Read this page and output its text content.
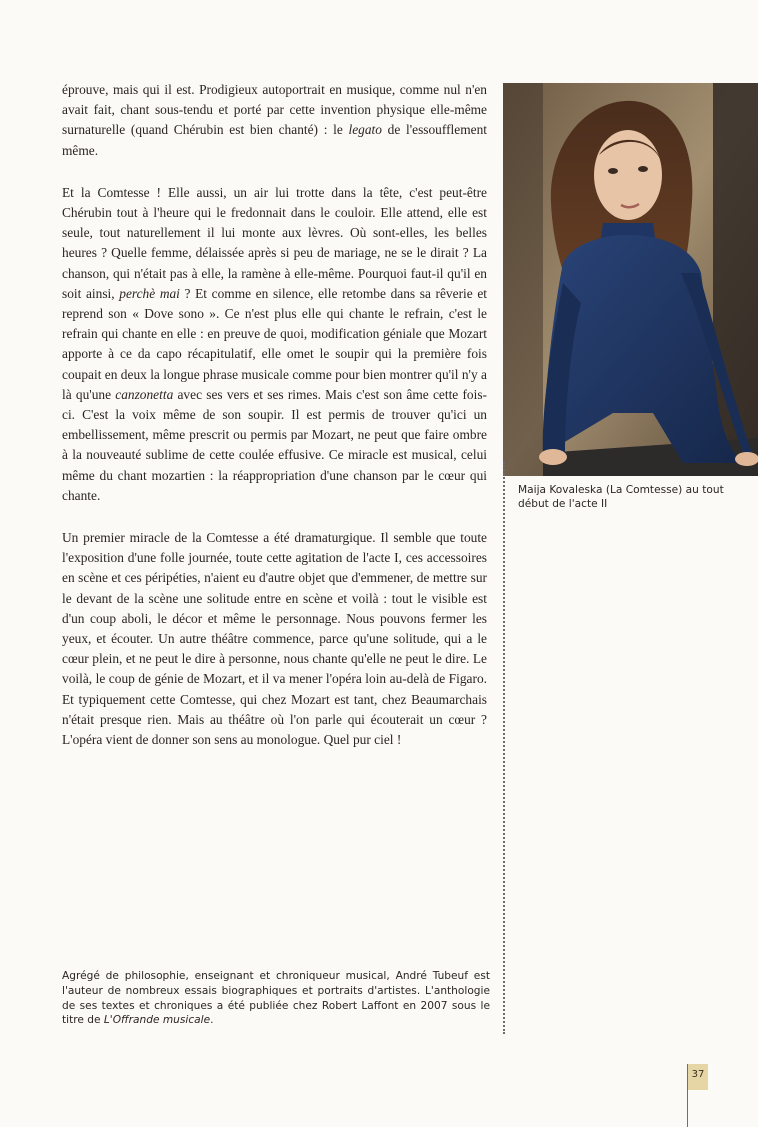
éprouve, mais qui il est. Prodigieux autoportrait en musique, comme nul n'en avait fait, chant sous-tendu et porté par cette invention physique elle-même surnaturelle (quand Chérubin est bien chanté) : le legato de l'essoufflement même.

Et la Comtesse ! Elle aussi, un air lui trotte dans la tête, c'est peut-être Chérubin tout à l'heure qui le fredonnait dans le couloir. Elle attend, elle est seule, tout naturellement il lui monte aux lèvres. Où sont-elles, les belles heures ? Quelle femme, délaissée après si peu de mariage, ne se le dirait ? La chanson, qui n'était pas à elle, la ramène à elle-même. Pourquoi faut-il qu'il en soit ainsi, perchè mai ? Et comme en silence, elle retombe dans sa rêverie et reprend son « Dove sono ». Ce n'est plus elle qui chante le refrain, c'est le refrain qui chante en elle : en preuve de quoi, modification géniale que Mozart apporte à ce da capo récapitulatif, elle omet le soupir qui la première fois coupait en deux la longue phrase musicale comme pour bien montrer qu'il n'y a là qu'une canzonetta avec ses vers et ses rimes. Mais c'est son âme cette fois-ci. C'est la voix même de son soupir. Il est permis de trouver qu'ici un embellissement, même prescrit ou permis par Mozart, ne peut que faire ombre à la nouveauté sublime de cette coulée effusive. Ce miracle est musical, celui même du chant mozartien : la réappropriation d'une chanson par le cœur qui chante.

Un premier miracle de la Comtesse a été dramaturgique. Il semble que toute l'exposition d'une folle journée, toute cette agitation de l'acte I, ces accessoires en scène et ces péripéties, n'aient eu d'autre objet que d'emmener, de mettre sur le devant de la scène une solitude entre en scène et voilà : tout le visible est d'un coup aboli, le décor et même le personnage. Nous pouvons fermer les yeux, et écouter. Un autre théâtre commence, parce qu'une solitude, qui a le cœur plein, et ne peut le dire à personne, nous chante qu'elle ne peut le dire. Le voilà, le coup de génie de Mozart, et il va mener l'opéra loin au-delà de Figaro. Et typiquement cette Comtesse, qui chez Mozart est tant, chez Beaumarchais n'était presque rien. Mais au théâtre où l'on parle qui écouterait un cœur ? L'opéra vient de donner son sens au monologue. Quel pur ciel !

Maija Kovaleska (La Comtesse) au tout début de l'acte II
Agrégé de philosophie, enseignant et chroniqueur musical, André Tubeuf est l'auteur de nombreux essais biographiques et portraits d'artistes. L'anthologie de ses textes et chroniques a été publiée chez Robert Laffont en 2007 sous le titre de L'Offrande musicale.
37
